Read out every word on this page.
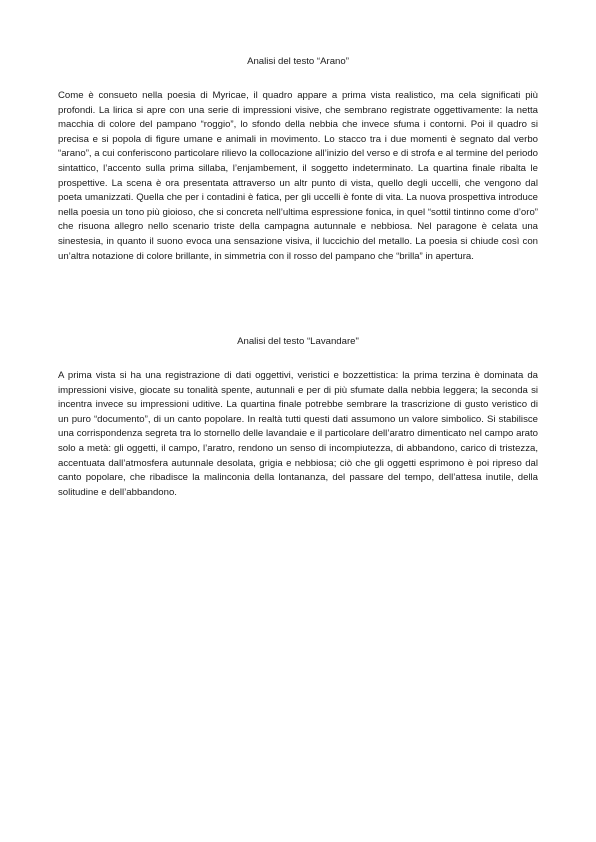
Analisi del testo “Arano”

Come è consueto nella poesia di Myricae, il quadro appare a prima vista realistico, ma cela significati più profondi. La lirica si apre con una serie di impressioni visive, che sembrano registrate oggettivamente: la netta macchia di colore del pampano “roggio”, lo sfondo della nebbia che invece sfuma i contorni. Poi il quadro si precisa e si popola di figure umane e animali in movimento. Lo stacco tra i due momenti è segnato dal verbo “arano”, a cui conferiscono particolare rilievo la collocazione all’inizio del verso e di strofa e al termine del periodo sintattico, l’accento sulla prima sillaba, l’enjambement, il soggetto indeterminato. La quartina finale ribalta le prospettive. La scena è ora presentata attraverso un altr punto di vista, quello degli uccelli, che vengono dal poeta umanizzati. Quella che per i contadini è fatica, per gli uccelli è fonte di vita. La nuova prospettiva introduce nella poesia un tono più gioioso, che si concreta nell’ultima espressione fonica, in quel “sottil tintinno come d’oro” che risuona allegro nello scenario triste della campagna autunnale e nebbiosa. Nel paragone è celata una sinestesia, in quanto il suono evoca una sensazione visiva, il luccichio del metallo. La poesia si chiude così con un’altra notazione di colore brillante, in simmetria con il rosso del pampano che “brilla” in apertura.

Analisi del testo “Lavandare"

A prima vista si ha una registrazione di dati oggettivi, veristici e bozzettistica: la prima terzina è dominata da impressioni visive, giocate su tonalità spente, autunnali e per di più sfumate dalla nebbia leggera; la seconda si incentra invece su impressioni uditive. La quartina finale potrebbe sembrare la trascrizione di gusto veristico di un puro “documento”, di un canto popolare. In realtà tutti questi dati assumono un valore simbolico. Si stabilisce una corrispondenza segreta tra lo stornello delle lavandaie e il particolare dell’aratro dimenticato nel campo arato solo a metà: gli oggetti, il campo, l’aratro, rendono un senso di incompiutezza, di abbandono, carico di tristezza, accentuata dall’atmosfera autunnale desolata, grigia e nebbiosa; ciò che gli oggetti esprimono è poi ripreso dal canto popolare, che ribadisce la malinconia della lontananza, del passare del tempo, dell’attesa inutile, della solitudine e dell’abbandono.
